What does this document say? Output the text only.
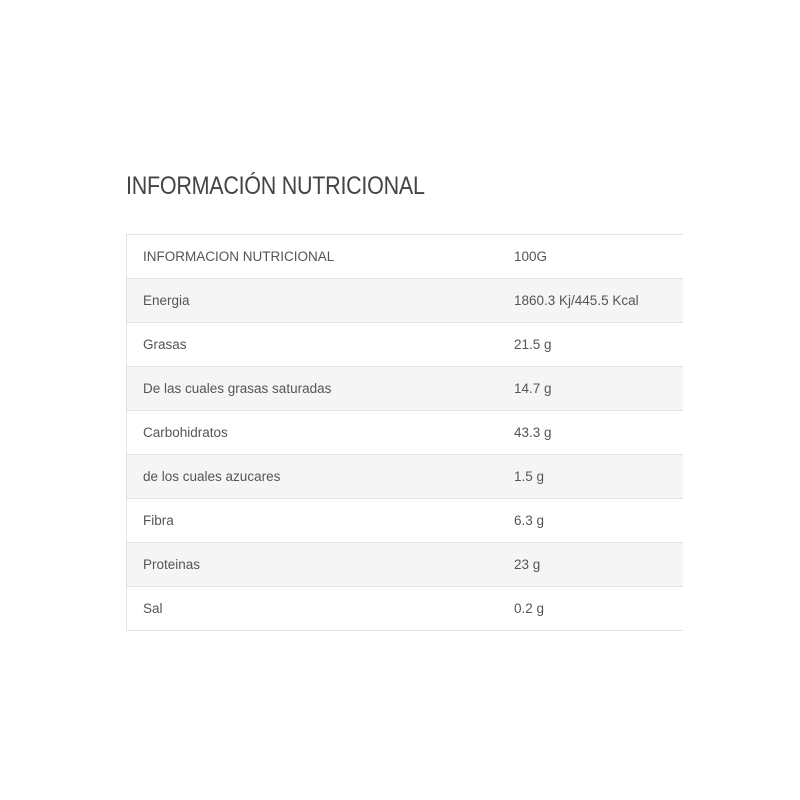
INFORMACIÓN NUTRICIONAL
INFORMACION NUTRICIONAL	100G
Energia	1860.3 Kj/445.5 Kcal
Grasas	21.5 g
De las cuales grasas saturadas	14.7 g
Carbohidratos	43.3 g
de los cuales azucares	1.5 g
Fibra	6.3 g
Proteinas	23 g
Sal	0.2 g
